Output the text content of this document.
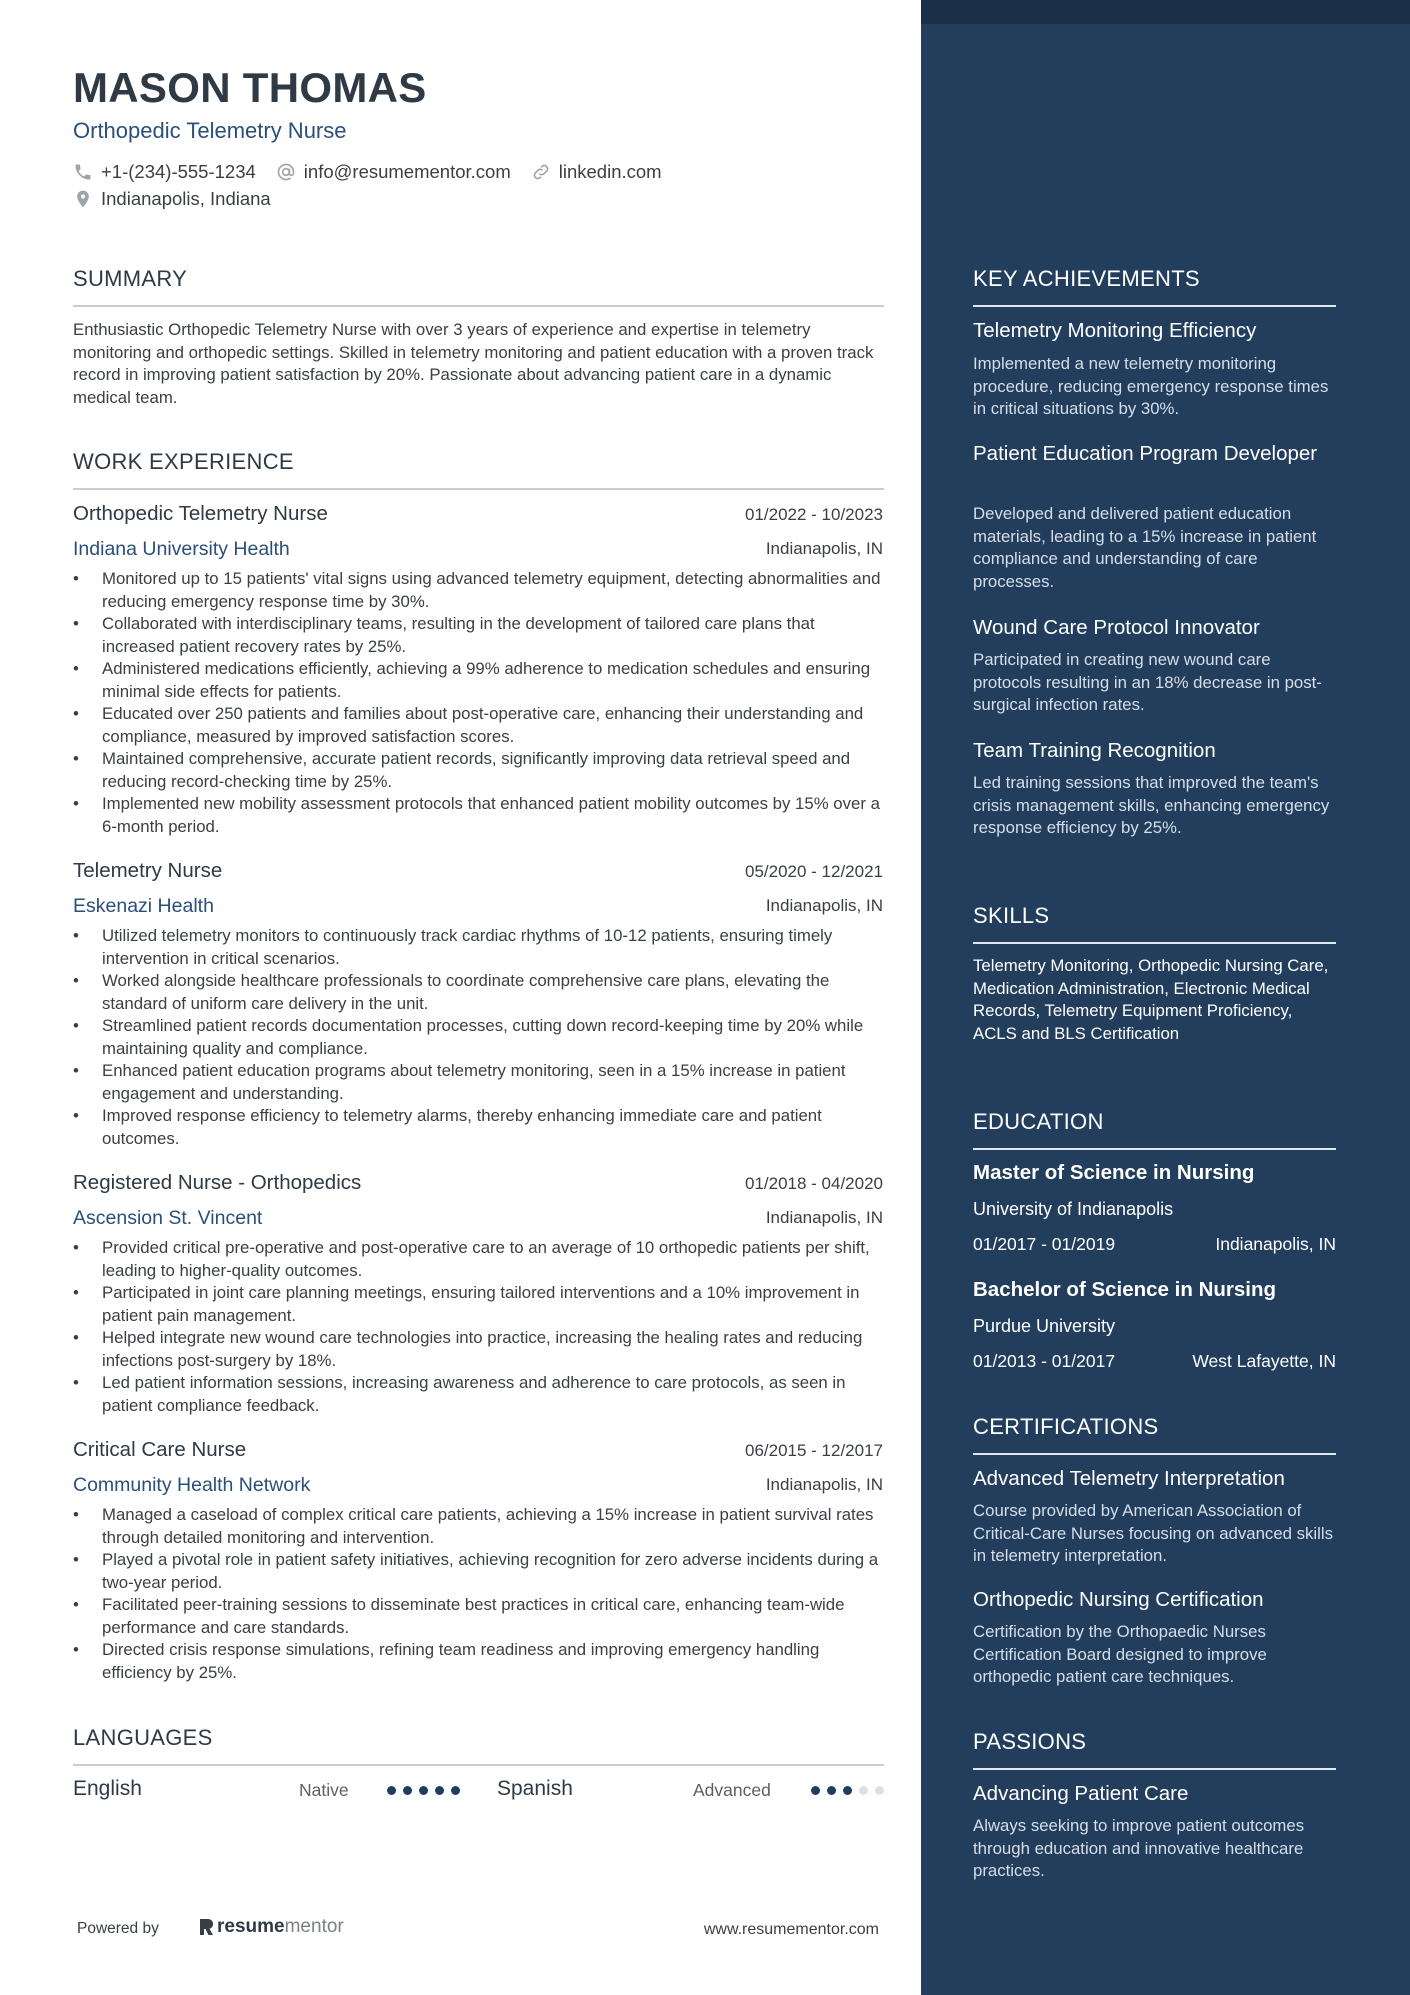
MASON THOMAS
Orthopedic Telemetry Nurse
+1-(234)-555-1234	info@resumementor.com	linkedin.com
Indianapolis, Indiana
SUMMARY
Enthusiastic Orthopedic Telemetry Nurse with over 3 years of experience and expertise in telemetry monitoring and orthopedic settings. Skilled in telemetry monitoring and patient education with a proven track record in improving patient satisfaction by 20%. Passionate about advancing patient care in a dynamic medical team.
WORK EXPERIENCE
Orthopedic Telemetry Nurse	01/2022 - 10/2023
Indiana University Health	Indianapolis, IN
• Monitored up to 15 patients' vital signs using advanced telemetry equipment, detecting abnormalities and reducing emergency response time by 30%.
• Collaborated with interdisciplinary teams, resulting in the development of tailored care plans that increased patient recovery rates by 25%.
• Administered medications efficiently, achieving a 99% adherence to medication schedules and ensuring minimal side effects for patients.
• Educated over 250 patients and families about post-operative care, enhancing their understanding and compliance, measured by improved satisfaction scores.
• Maintained comprehensive, accurate patient records, significantly improving data retrieval speed and reducing record-checking time by 25%.
• Implemented new mobility assessment protocols that enhanced patient mobility outcomes by 15% over a 6-month period.
Telemetry Nurse	05/2020 - 12/2021
Eskenazi Health	Indianapolis, IN
• Utilized telemetry monitors to continuously track cardiac rhythms of 10-12 patients, ensuring timely intervention in critical scenarios.
• Worked alongside healthcare professionals to coordinate comprehensive care plans, elevating the standard of uniform care delivery in the unit.
• Streamlined patient records documentation processes, cutting down record-keeping time by 20% while maintaining quality and compliance.
• Enhanced patient education programs about telemetry monitoring, seen in a 15% increase in patient engagement and understanding.
• Improved response efficiency to telemetry alarms, thereby enhancing immediate care and patient outcomes.
Registered Nurse - Orthopedics	01/2018 - 04/2020
Ascension St. Vincent	Indianapolis, IN
• Provided critical pre-operative and post-operative care to an average of 10 orthopedic patients per shift, leading to higher-quality outcomes.
• Participated in joint care planning meetings, ensuring tailored interventions and a 10% improvement in patient pain management.
• Helped integrate new wound care technologies into practice, increasing the healing rates and reducing infections post-surgery by 18%.
• Led patient information sessions, increasing awareness and adherence to care protocols, as seen in patient compliance feedback.
Critical Care Nurse	06/2015 - 12/2017
Community Health Network	Indianapolis, IN
• Managed a caseload of complex critical care patients, achieving a 15% increase in patient survival rates through detailed monitoring and intervention.
• Played a pivotal role in patient safety initiatives, achieving recognition for zero adverse incidents during a two-year period.
• Facilitated peer-training sessions to disseminate best practices in critical care, enhancing team-wide performance and care standards.
• Directed crisis response simulations, refining team readiness and improving emergency handling efficiency by 25%.
LANGUAGES
English	Native	Spanish	Advanced
Powered by	resume mentor	www.resumementor.com
KEY ACHIEVEMENTS
Telemetry Monitoring Efficiency
Implemented a new telemetry monitoring procedure, reducing emergency response times in critical situations by 30%.
Patient Education Program Developer
Developed and delivered patient education materials, leading to a 15% increase in patient compliance and understanding of care processes.
Wound Care Protocol Innovator
Participated in creating new wound care protocols resulting in an 18% decrease in post-surgical infection rates.
Team Training Recognition
Led training sessions that improved the team's crisis management skills, enhancing emergency response efficiency by 25%.
SKILLS
Telemetry Monitoring, Orthopedic Nursing Care, Medication Administration, Electronic Medical Records, Telemetry Equipment Proficiency, ACLS and BLS Certification
EDUCATION
Master of Science in Nursing
University of Indianapolis
01/2017 - 01/2019	Indianapolis, IN
Bachelor of Science in Nursing
Purdue University
01/2013 - 01/2017	West Lafayette, IN
CERTIFICATIONS
Advanced Telemetry Interpretation
Course provided by American Association of Critical-Care Nurses focusing on advanced skills in telemetry interpretation.
Orthopedic Nursing Certification
Certification by the Orthopaedic Nurses Certification Board designed to improve orthopedic patient care techniques.
PASSIONS
Advancing Patient Care
Always seeking to improve patient outcomes through education and innovative healthcare practices.
